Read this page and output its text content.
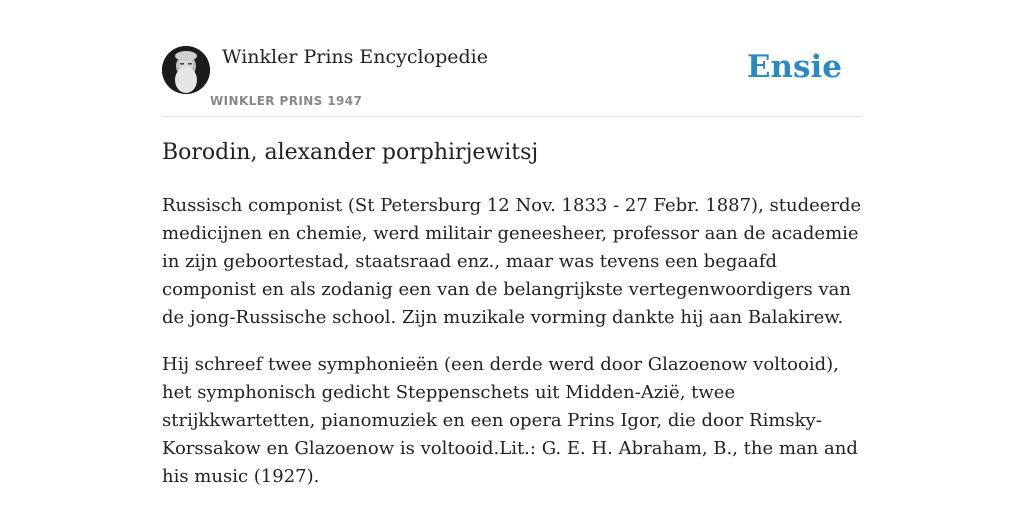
Winkler Prins Encyclopedie
WINKLER PRINS 1947
Ensie
Borodin, alexander porphirjewitsj

Russisch componist (St Petersburg 12 Nov. 1833 - 27 Febr. 1887), studeerde medicijnen en chemie, werd militair geneesheer, professor aan de academie in zijn geboortestad, staatsraad enz., maar was tevens een begaafd componist en als zodanig een van de belangrijkste vertegenwoordigers van de jong-Russische school. Zijn muzikale vorming dankte hij aan Balakirew.

Hij schreef twee symphonieën (een derde werd door Glazoenow voltooid), het symphonisch gedicht Steppenschets uit Midden-Azië, twee strijkkwartetten, pianomuziek en een opera Prins Igor, die door Rimsky-Korssakow en Glazoenow is voltooid.Lit.: G. E. H. Abraham, B., the man and his music (1927).
